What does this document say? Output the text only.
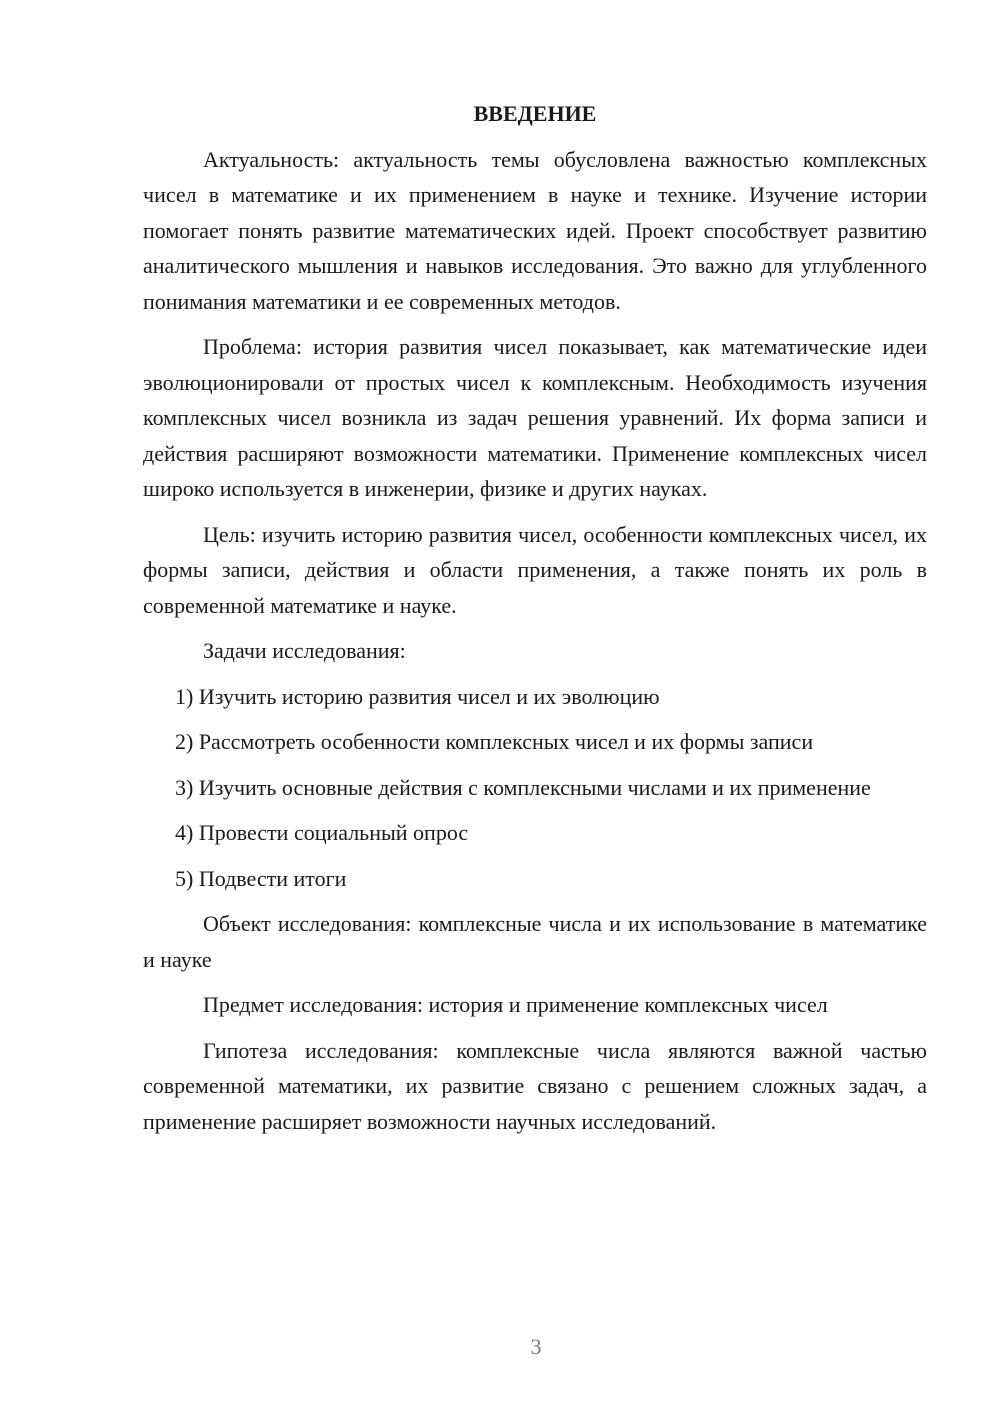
ВВЕДЕНИЕ

Актуальность: актуальность темы обусловлена важностью комплексных чисел в математике и их применением в науке и технике. Изучение истории помогает понять развитие математических идей. Проект способствует развитию аналитического мышления и навыков исследования. Это важно для углубленного понимания математики и ее современных методов.

Проблема: история развития чисел показывает, как математические идеи эволюционировали от простых чисел к комплексным. Необходимость изучения комплексных чисел возникла из задач решения уравнений. Их форма записи и действия расширяют возможности математики. Применение комплексных чисел широко используется в инженерии, физике и других науках.

Цель: изучить историю развития чисел, особенности комплексных чисел, их формы записи, действия и области применения, а также понять их роль в современной математике и науке.

Задачи исследования:

1) Изучить историю развития чисел и их эволюцию

2) Рассмотреть особенности комплексных чисел и их формы записи

3) Изучить основные действия с комплексными числами и их применение

4) Провести социальный опрос

5) Подвести итоги

Объект исследования: комплексные числа и их использование в математике и науке

Предмет исследования: история и применение комплексных чисел

Гипотеза исследования: комплексные числа являются важной частью современной математики, их развитие связано с решением сложных задач, а применение расширяет возможности научных исследований.

3
